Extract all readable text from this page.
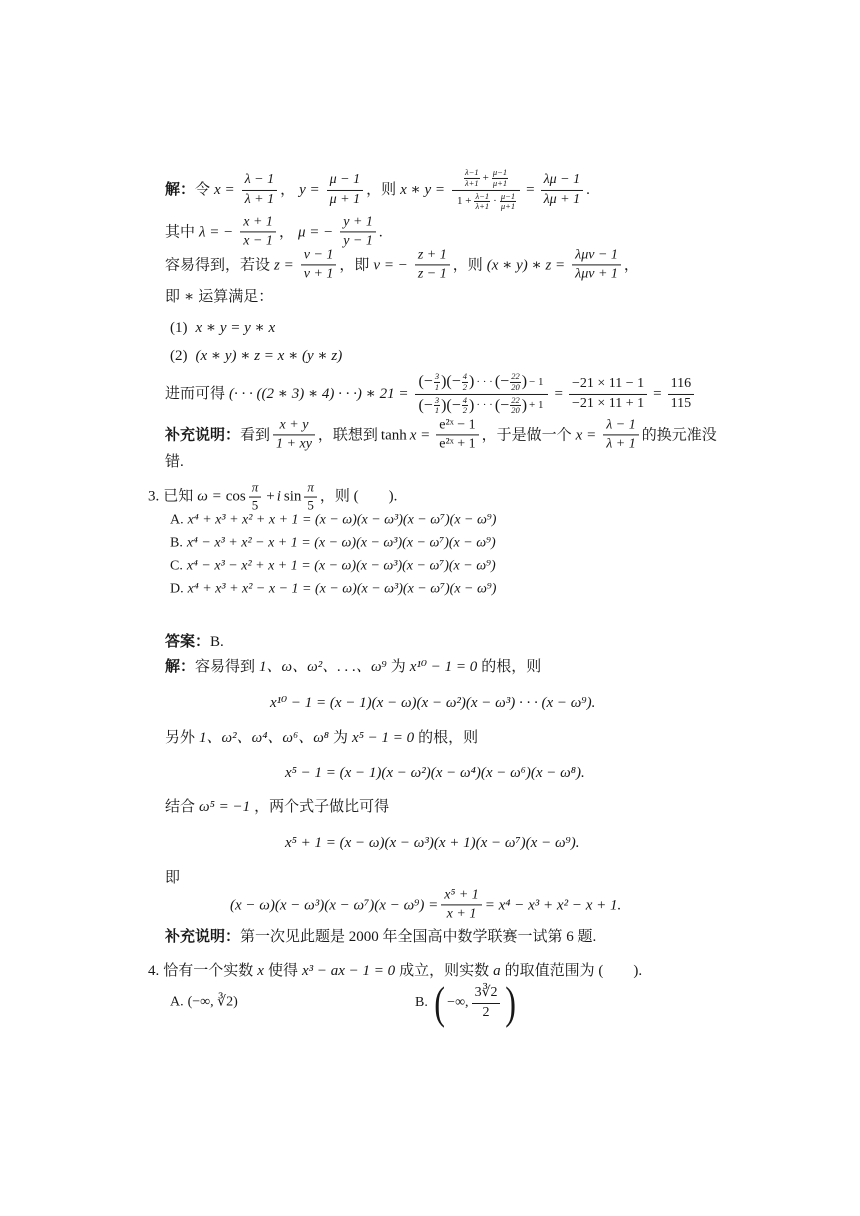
解： 令 $x = \frac{\lambda - 1}{\lambda + 1}$ ， $y = \frac{\mu - 1}{\mu + 1}$ ，则 x ∗ y =
$\frac{\lambda-1}{\lambda+1} + \frac{\mu-1}{\mu+1}$
$1 + \frac{\lambda-1}{\lambda+1} \cdot \frac{\mu-1}{\mu+1}$
= $\frac{\lambda\mu - 1}{\lambda\mu + 1}$ .
其中 λ = − $\frac{x + 1}{x - 1}$ ， μ = − $\frac{y + 1}{y - 1}$ .
容易得到，若设 $z = \frac{\nu - 1}{\nu + 1}$ ，即 ν = − $\frac{z + 1}{z - 1}$ ，则 (x ∗ y) ∗ $z = \frac{\text{λμν − 1}}{\text{λμν + 1}}$ ，
即 ∗ 运算满足：
(1) x ∗ y = y ∗ x
(2) (x ∗ y) ∗ z = x ∗ (y ∗ z)
进而可得 (· · · ((2 ∗ 3) ∗ 4) · · ·) ∗ 21 =
(− $\frac{3}{1}$ ) (− $\frac{4}{2}$ ) · · · (− $\frac{22}{20}$ ) − 1
(− $\frac{3}{1}$ ) (− $\frac{4}{2}$ ) · · · (− $\frac{22}{20}$ ) + 1
= $\frac{-21 \times 11 - 1}{-21 \times 11 + 1} = \frac{116}{115}$
补充说明： 看到 $\frac{x + y}{1 + xy}$ ，联想到 $\tanh x = \frac{\text{e²ˣ − 1}}{\text{e²ˣ + 1}}$ ，于是做一个 $x = \frac{\lambda - 1}{\lambda + 1}$ 的换元准没
错.
3. 已知 $\omega = \cos \frac{\pi}{5} + i$ $\sin \frac{\pi}{5}$ ，则 (　　).
A. x⁴ + x³ + x² + x + 1 = (x − ω)(x − ω³)(x − ω⁷)(x − ω⁹)
B. x⁴ − x³ + x² − x + 1 = (x − ω)(x − ω³)(x − ω⁷)(x − ω⁹)
C. x⁴ − x³ − x² + x + 1 = (x − ω)(x − ω³)(x − ω⁷)(x − ω⁹)
D. x⁴ + x³ + x² − x − 1 = (x − ω)(x − ω³)(x − ω⁷)(x − ω⁹)
答案： B.
解： 容易得到 1、ω、ω²、. . .、ω⁹ 为 x¹⁰ − 1 = 0 的根，则
x¹⁰ − 1 = (x − 1)(x − ω)(x − ω²)(x − ω³) · · · (x − ω⁹).
另外 1、ω²、ω⁴、ω⁶、ω⁸ 为 x⁵ − 1 = 0 的根，则
x⁵ − 1 = (x − 1)(x − ω²)(x − ω⁴)(x − ω⁶)(x − ω⁸).
结合 ω⁵ = −1 ，两个式子做比可得
x⁵ + 1 = (x − ω)(x − ω³)(x + 1)(x − ω⁷)(x − ω⁹).
即
$(x - \omega)(x - \omega^3)(x - \omega^7)(x - \omega^9) = \frac{\text{x⁵ + 1}}{x + 1} = x^4 - x^3 + x^2 - x + 1$.
补充说明： 第一次见此题是 2000 年全国高中数学联赛一试第 6 题.
4. 恰有一个实数 x 使得 x³ − ax − 1 = 0 成立，则实数 a 的取值范围为 (　　).
A. (−∞, ∛2)	B. ( −∞, $\frac{3∛2}{2}$ )
